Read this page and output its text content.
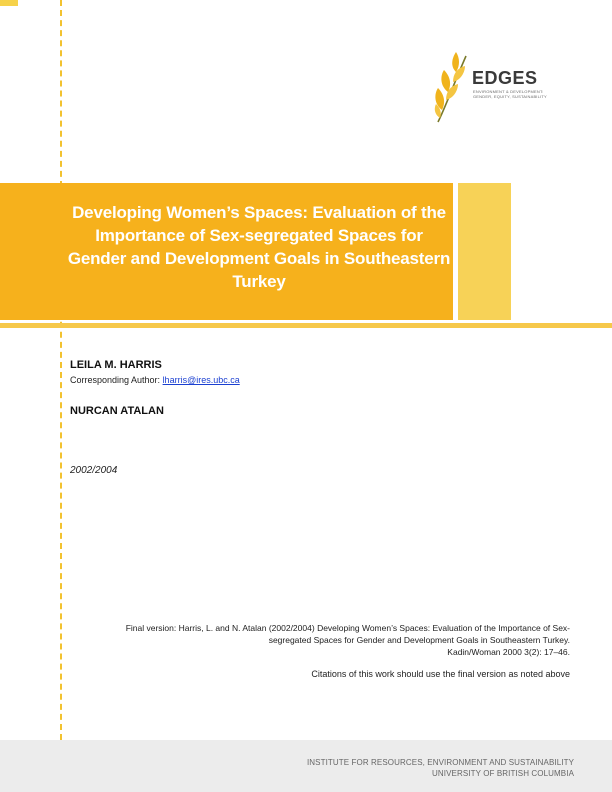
EDGES
ENVIRONMENT & DEVELOPMENT: GENDER, EQUITY, SUSTAINABILITY
Developing Women’s Spaces: Evaluation of the Importance of Sex-segregated Spaces for Gender and Development Goals in Southeastern Turkey
LEILA M. HARRIS
Corresponding Author: lharris@ires.ubc.ca
NURCAN ATALAN
2002/2004
Final version: Harris, L. and N. Atalan (2002/2004) Developing Women’s Spaces: Evaluation of the Importance of Sex-segregated Spaces for Gender and Development Goals in Southeastern Turkey.
Kadin/Woman 2000 3(2): 17–46.
Citations of this work should use the final version as noted above
INSTITUTE FOR RESOURCES, ENVIRONMENT AND SUSTAINABILITY
UNIVERSITY OF BRITISH COLUMBIA
